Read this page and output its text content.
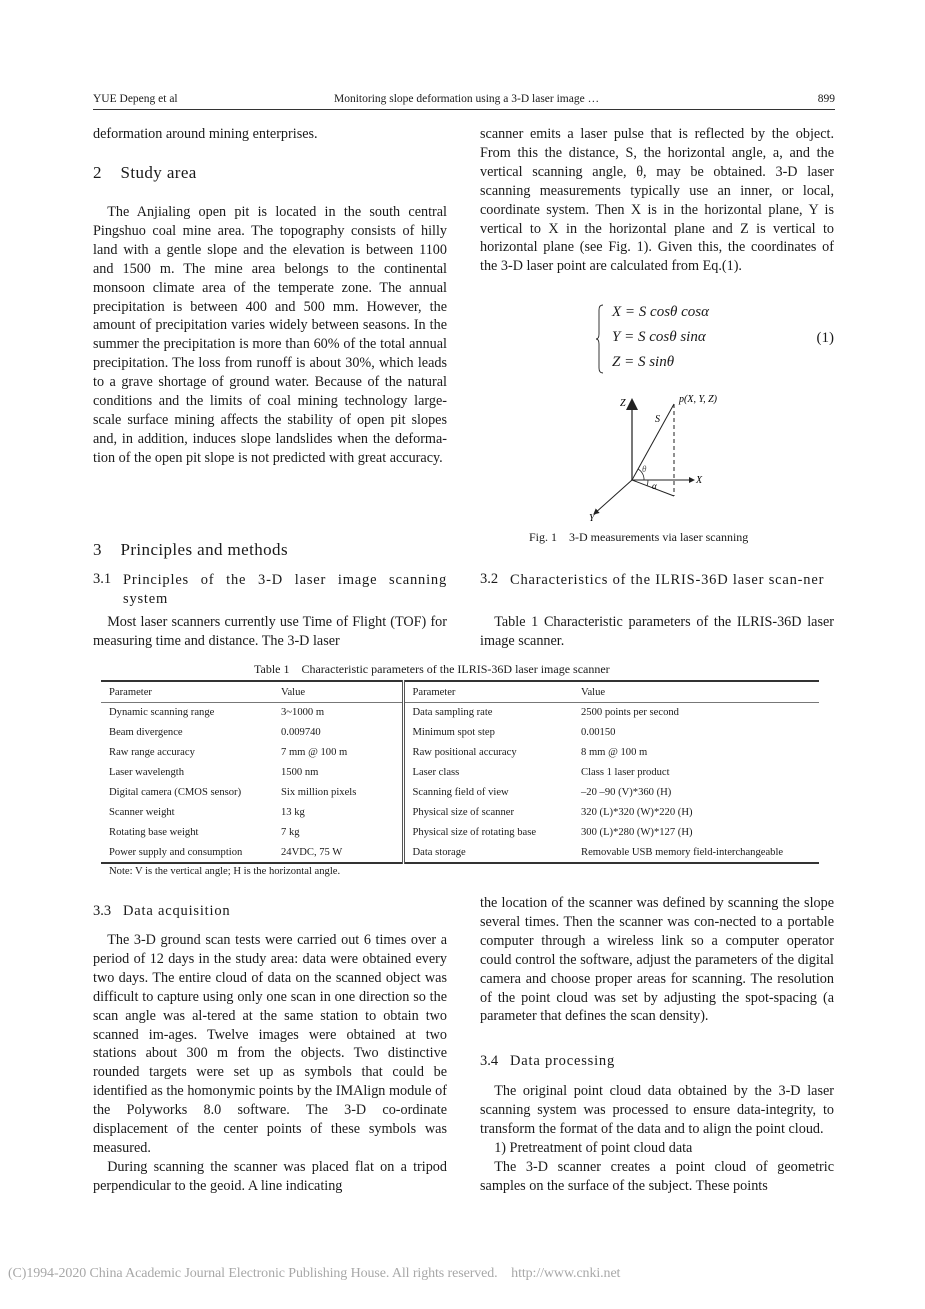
YUE Depeng et al	Monitoring slope deformation using a 3-D laser image …	899

deformation around mining enterprises.

2 Study area

The Anjialing open pit is located in the south central Pingshuo coal mine area. The topography consists of hilly land with a gentle slope and the elevation is between 1100 and 1500 m. The mine area belongs to the continental monsoon climate area of the temperate zone. The annual precipitation is between 400 and 500 mm. However, the amount of precipitation varies widely between seasons. In the summer the precipitation is more than 60% of the total annual precipitation. The loss from runoff is about 30%, which leads to a grave shortage of ground water. Because of the natural conditions and the limits of coal mining technology large-scale surface mining affects the stability of open pit slopes and, in addition, induces slope landslides when the deforma-tion of the open pit slope is not predicted with great accuracy.

3 Principles and methods
3.1 Principles of the 3-D laser image scanning system

Most laser scanners currently use Time of Flight (TOF) for measuring time and distance. The 3-D laser

3.3 Data acquisition

The 3-D ground scan tests were carried out 6 times over a period of 12 days in the study area: data were obtained every two days. The entire cloud of data on the scanned object was difficult to capture using only one scan in one direction so the scan angle was al-tered at the same station to obtain two scanned im-ages. Twelve images were obtained at two stations about 300 m from the objects. Two distinctive rounded targets were set up as symbols that could be identified as the homonymic points by the IMAlign module of the Polyworks 8.0 software. The 3-D co-ordinate displacement of the center points of these symbols was measured.

During scanning the scanner was placed flat on a tripod perpendicular to the geoid. A line indicating

scanner emits a laser pulse that is reflected by the object. From this the distance, S, the horizontal angle, a, and the vertical scanning angle, θ, may be obtained. 3-D laser scanning measurements typically use an inner, or local, coordinate system. Then X is in the horizontal plane, Y is vertical to X in the horizontal plane and Z is vertical to horizontal plane (see Fig. 1). Given this, the coordinates of the 3-D laser point are calculated from Eq.(1).

X = S cosθ cosα
Y = S cosθ sinα
Z = S sinθ
(1)
Z
X
Y
p(X, Y, Z)
S
θ
α
Fig. 1    3-D measurements via laser scanning
3.2 Characteristics of the ILRIS-36D laser scan-ner

Table 1 Characteristic parameters of the ILRIS-36D laser image scanner.

Table 1    Characteristic parameters of the ILRIS-36D laser image scanner
Parameter	Value	Parameter	Value
Dynamic scanning range	3~1000 m	Data sampling rate	2500 points per second
Beam divergence	0.009740	Minimum spot step	0.00150
Raw range accuracy	7 mm @ 100 m	Raw positional accuracy	8 mm @ 100 m
Laser wavelength	1500 nm	Laser class	Class 1 laser product
Digital camera (CMOS sensor)	Six million pixels	Scanning field of view	–20 –90 (V)*360 (H)
Scanner weight	13 kg	Physical size of scanner	320 (L)*320 (W)*220 (H)
Rotating base weight	7 kg	Physical size of rotating base	300 (L)*280 (W)*127 (H)
Power supply and consumption	24VDC, 75 W	Data storage	Removable USB memory field-interchangeable
Note: V is the vertical angle; H is the horizontal angle.

the location of the scanner was defined by scanning the slope several times. Then the scanner was con-nected to a portable computer through a wireless link so a computer operator could control the software, adjust the parameters of the digital camera and choose proper areas for scanning. The resolution of the point cloud was set by adjusting the spot-spacing (a parameter that defines the scan density).

3.4 Data processing

The original point cloud data obtained by the 3-D laser scanning system was processed to ensure data-integrity, to transform the format of the data and to align the point cloud.

1) Pretreatment of point cloud data

The 3-D scanner creates a point cloud of geometric samples on the surface of the subject. These points

(C)1994-2020 China Academic Journal Electronic Publishing House. All rights reserved.    http://www.cnki.net
